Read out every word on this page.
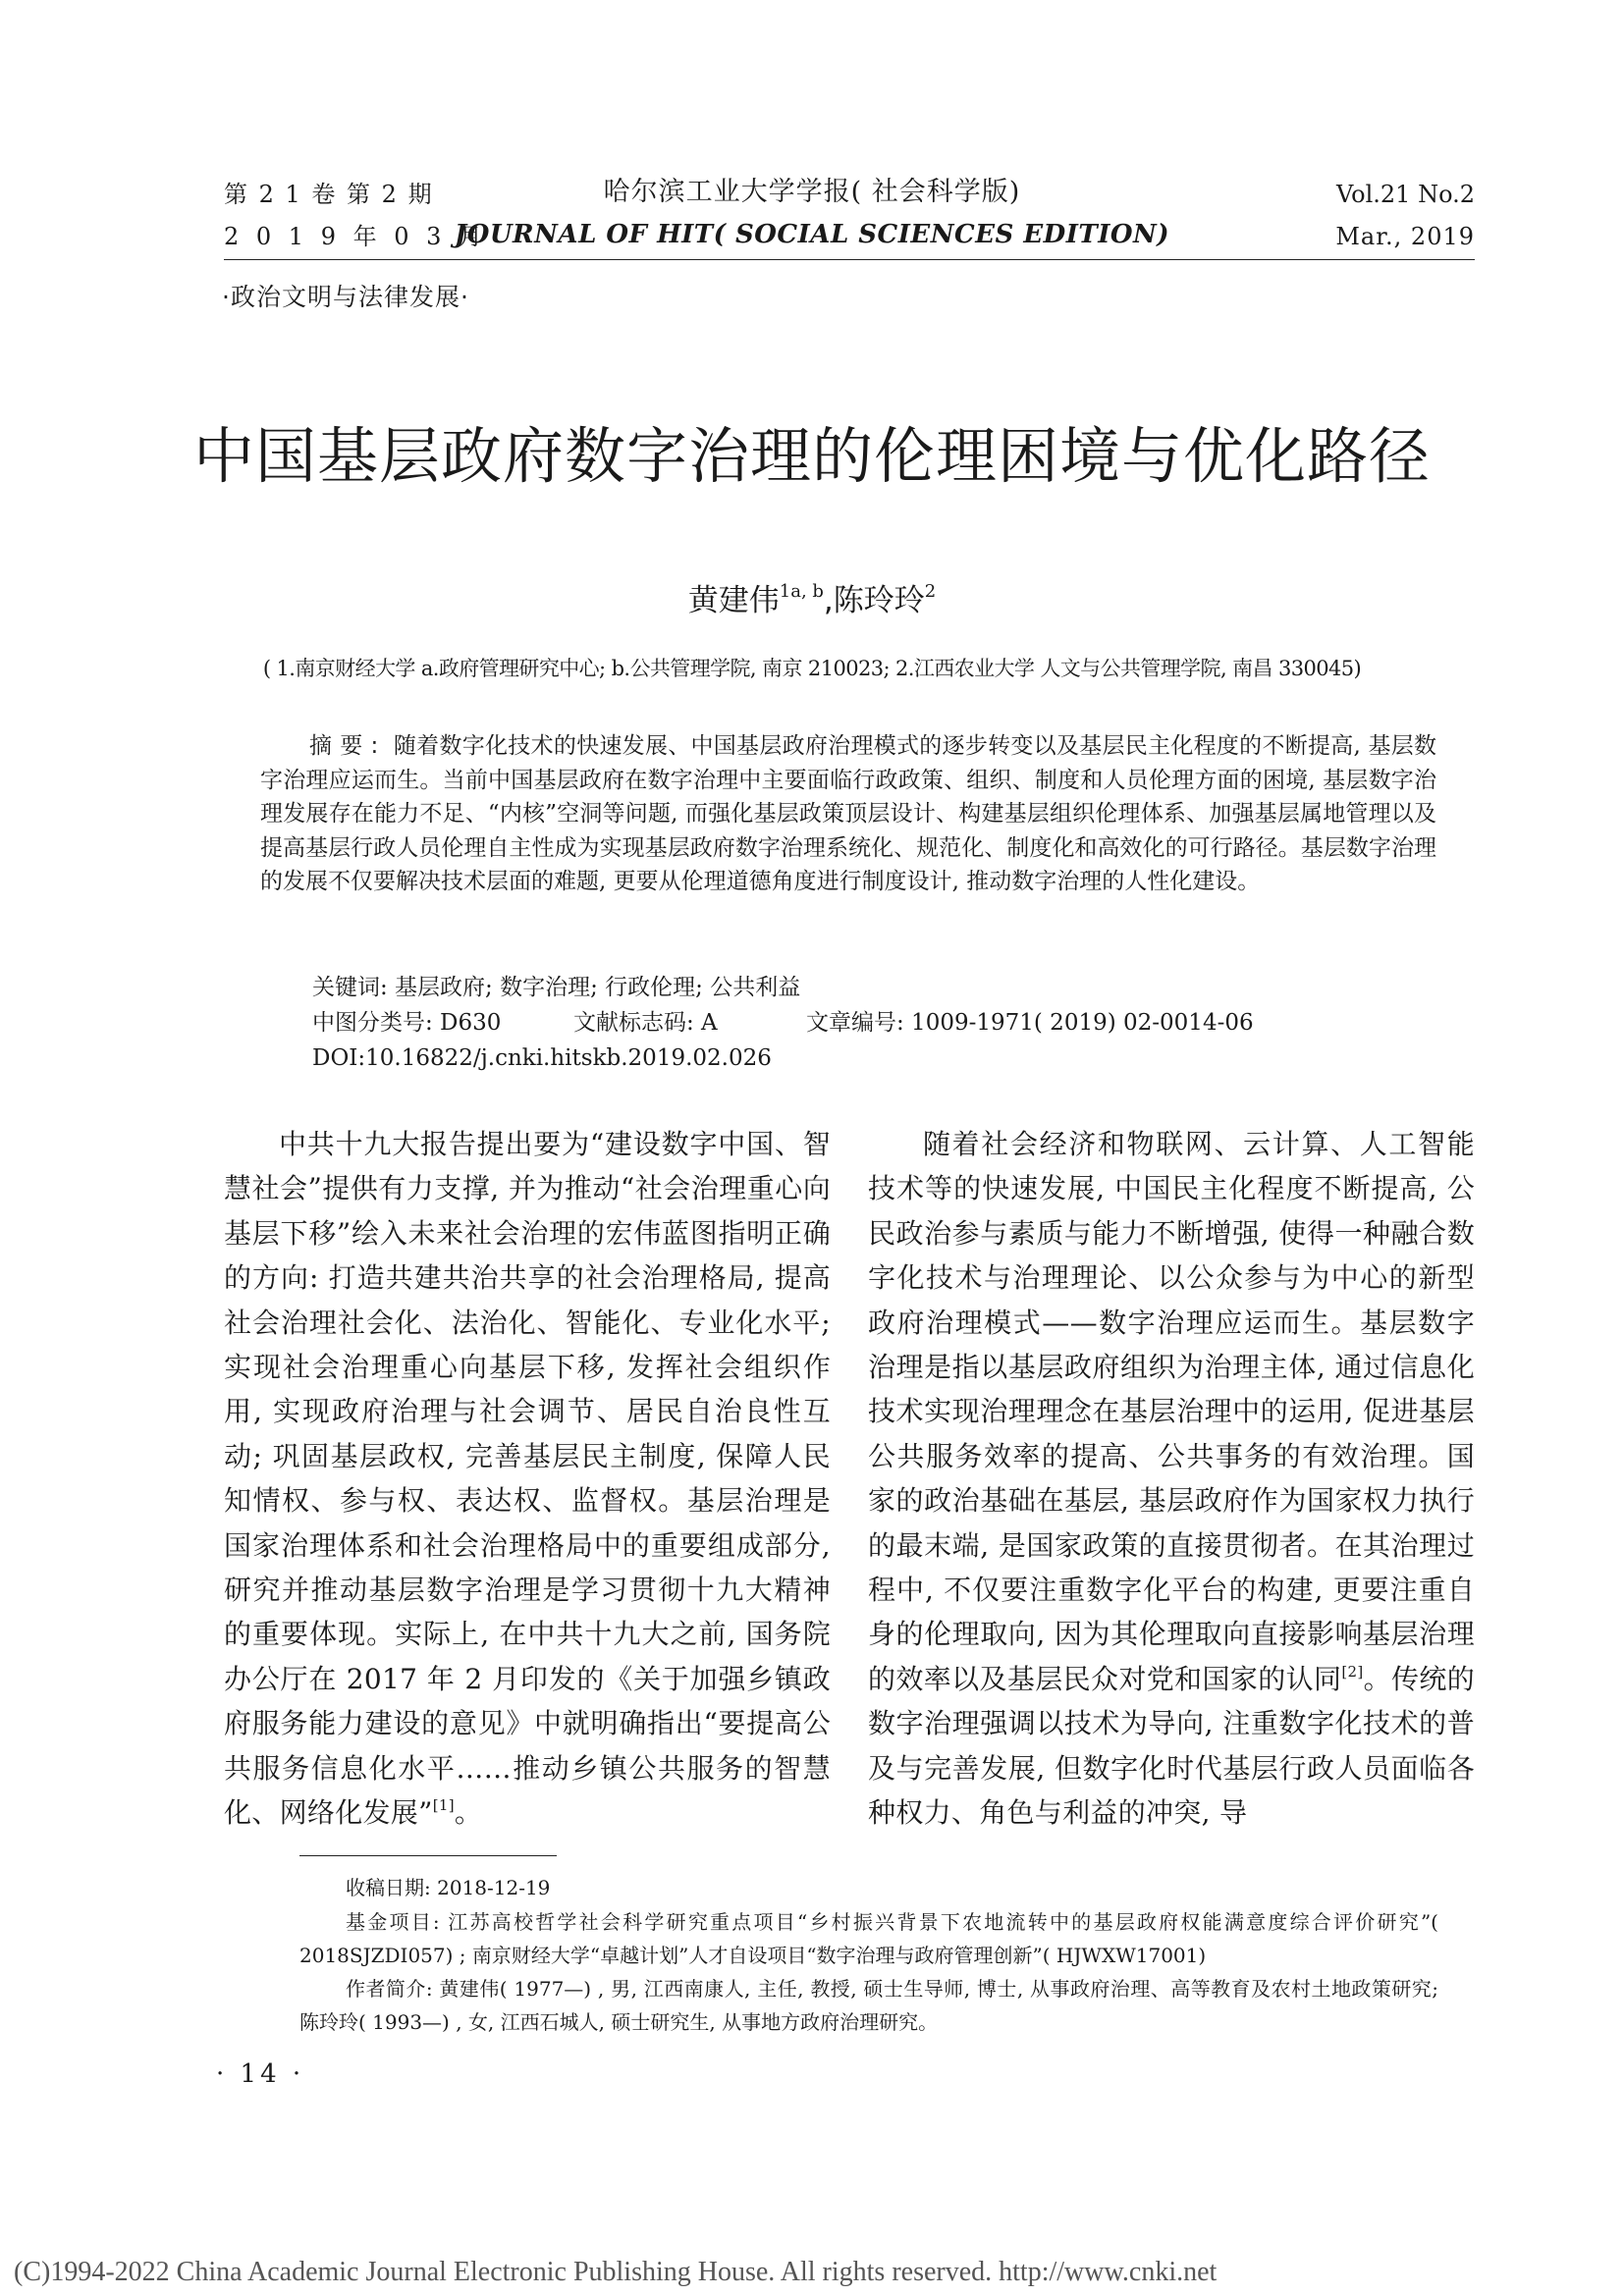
第 2 1 卷 第 2 期
2 0 1 9 年 0 3 月
哈尔滨工业大学学报( 社会科学版)
JOURNAL OF HIT( SOCIAL SCIENCES EDITION)
Vol.21 No.2
Mar., 2019
·政治文明与法律发展·
中国基层政府数字治理的伦理困境与优化路径
黄建伟$^{1a, b}$,陈玲玲$^2$
( 1.南京财经大学 a.政府管理研究中心; b.公共管理学院, 南京 210023; 2.江西农业大学 人文与公共管理学院, 南昌 330045)
摘要: 随着数字化技术的快速发展、中国基层政府治理模式的逐步转变以及基层民主化程度的不断提高, 基层数字治理应运而生。当前中国基层政府在数字治理中主要面临行政政策、组织、制度和人员伦理方面的困境, 基层数字治理发展存在能力不足、“内核”空洞等问题, 而强化基层政策顶层设计、构建基层组织伦理体系、加强基层属地管理以及提高基层行政人员伦理自主性成为实现基层政府数字治理系统化、规范化、制度化和高效化的可行路径。基层数字治理的发展不仅要解决技术层面的难题, 更要从伦理道德角度进行制度设计, 推动数字治理的人性化建设。
关键词: 基层政府; 数字治理; 行政伦理; 公共利益
中图分类号: D630	文献标志码: A	文章编号: 1009-1971( 2019) 02-0014-06
DOI:10.16822/j.cnki.hitskb.2019.02.026

中共十九大报告提出要为“建设数字中国、智慧社会”提供有力支撑, 并为推动“社会治理重心向基层下移”绘入未来社会治理的宏伟蓝图指明正确的方向: 打造共建共治共享的社会治理格局, 提高社会治理社会化、法治化、智能化、专业化水平; 实现社会治理重心向基层下移, 发挥社会组织作用, 实现政府治理与社会调节、居民自治良性互动; 巩固基层政权, 完善基层民主制度, 保障人民知情权、参与权、表达权、监督权。基层治理是国家治理体系和社会治理格局中的重要组成部分, 研究并推动基层数字治理是学习贯彻十九大精神的重要体现。实际上, 在中共十九大之前, 国务院办公厅在 2017 年 2 月印发的《关于加强乡镇政府服务能力建设的意见》中就明确指出“要提高公共服务信息化水平……推动乡镇公共服务的智慧化、网络化发展”[1]。

随着社会经济和物联网、云计算、人工智能技术等的快速发展, 中国民主化程度不断提高, 公民政治参与素质与能力不断增强, 使得一种融合数字化技术与治理理论、以公众参与为中心的新型政府治理模式——数字治理应运而生。基层数字治理是指以基层政府组织为治理主体, 通过信息化技术实现治理理念在基层治理中的运用, 促进基层公共服务效率的提高、公共事务的有效治理。国家的政治基础在基层, 基层政府作为国家权力执行的最末端, 是国家政策的直接贯彻者。在其治理过程中, 不仅要注重数字化平台的构建, 更要注重自身的伦理取向, 因为其伦理取向直接影响基层治理的效率以及基层民众对党和国家的认同[2]。传统的数字治理强调以技术为导向, 注重数字化技术的普及与完善发展, 但数字化时代基层行政人员面临各种权力、角色与利益的冲突, 导

收稿日期: 2018-12-19
基金项目: 江苏高校哲学社会科学研究重点项目“乡村振兴背景下农地流转中的基层政府权能满意度综合评价研究”( 2018SJZDI057) ; 南京财经大学“卓越计划”人才自设项目“数字治理与政府管理创新”( HJWXW17001)
作者简介: 黄建伟( 1977—) , 男, 江西南康人, 主任, 教授, 硕士生导师, 博士, 从事政府治理、高等教育及农村土地政策研究; 陈玲玲( 1993—) , 女, 江西石城人, 硕士研究生, 从事地方政府治理研究。
· 14 ·
(C)1994-2022 China Academic Journal Electronic Publishing House. All rights reserved. http://www.cnki.net
